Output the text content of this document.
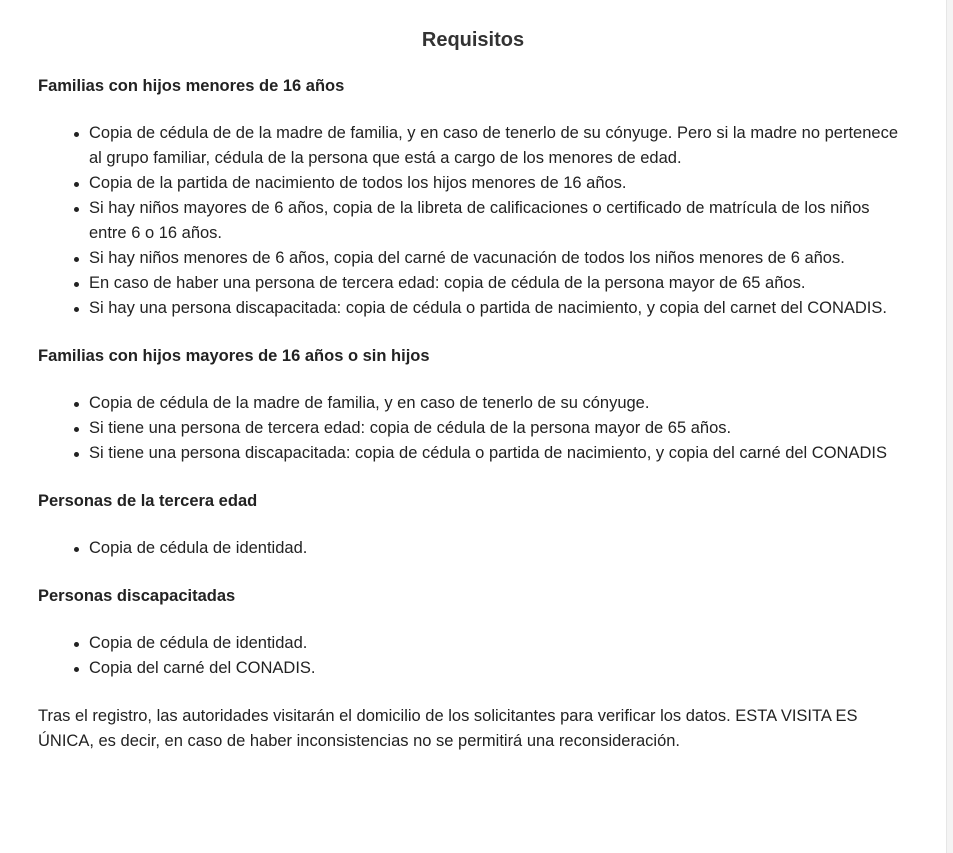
Requisitos
Familias con hijos menores de 16 años
Copia de cédula de de la madre de familia, y en caso de tenerlo de su cónyuge. Pero si la madre no pertenece al grupo familiar, cédula de la persona que está a cargo de los menores de edad.
Copia de la partida de nacimiento de todos los hijos menores de 16 años.
Si hay niños mayores de 6 años, copia de la libreta de calificaciones o certificado de matrícula de los niños entre 6 o 16 años.
Si hay niños menores de 6 años, copia del carné de vacunación de todos los niños menores de 6 años.
En caso de haber una persona de tercera edad: copia de cédula de la persona mayor de 65 años.
Si hay una persona discapacitada: copia de cédula o partida de nacimiento, y copia del carnet del CONADIS.
Familias con hijos mayores de 16 años o sin hijos
Copia de cédula de la madre de familia, y en caso de tenerlo de su cónyuge.
Si tiene una persona de tercera edad: copia de cédula de la persona mayor de 65 años.
Si tiene una persona discapacitada: copia de cédula o partida de nacimiento, y copia del carné del CONADIS
Personas de la tercera edad
Copia de cédula de identidad.
Personas discapacitadas
Copia de cédula de identidad.
Copia del carné del CONADIS.

Tras el registro, las autoridades visitarán el domicilio de los solicitantes para verificar los datos. ESTA VISITA ES ÚNICA, es decir, en caso de haber inconsistencias no se permitirá una reconsideración.
